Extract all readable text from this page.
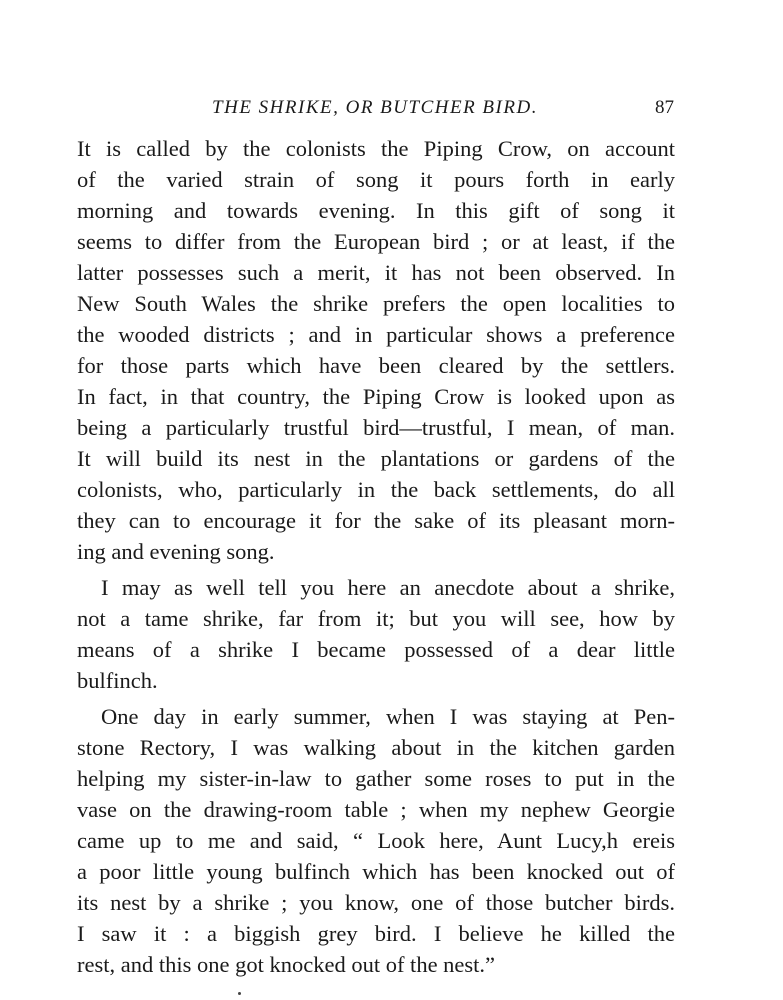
THE SHRIKE, OR BUTCHER BIRD.	87
It is called by the colonists the Piping Crow, on account
of the varied strain of song it pours forth in early
morning and towards evening. In this gift of song it
seems to differ from the European bird ; or at least, if the
latter possesses such a merit, it has not been observed. In
New South Wales the shrike prefers the open localities to
the wooded districts ; and in particular shows a preference
for those parts which have been cleared by the settlers.
In fact, in that country, the Piping Crow is looked upon as
being a particularly trustful bird—trustful, I mean, of man.
It will build its nest in the plantations or gardens of the
colonists, who, particularly in the back settlements, do all
they can to encourage it for the sake of its pleasant morn-
ing and evening song.
I may as well tell you here an anecdote about a shrike,
not a tame shrike, far from it; but you will see, how by
means of a shrike I became possessed of a dear little
bulfinch.
One day in early summer, when I was staying at Pen-
stone Rectory, I was walking about in the kitchen garden
helping my sister-in-law to gather some roses to put in the
vase on the drawing-room table ; when my nephew Georgie
came up to me and said, “ Look here, Aunt Lucy,h ereis
a poor little young bulfinch which has been knocked out of
its nest by a shrike ; you know, one of those butcher birds.
I saw it : a biggish grey bird. I believe he killed the
rest, and this one got knocked out of the nest.”
